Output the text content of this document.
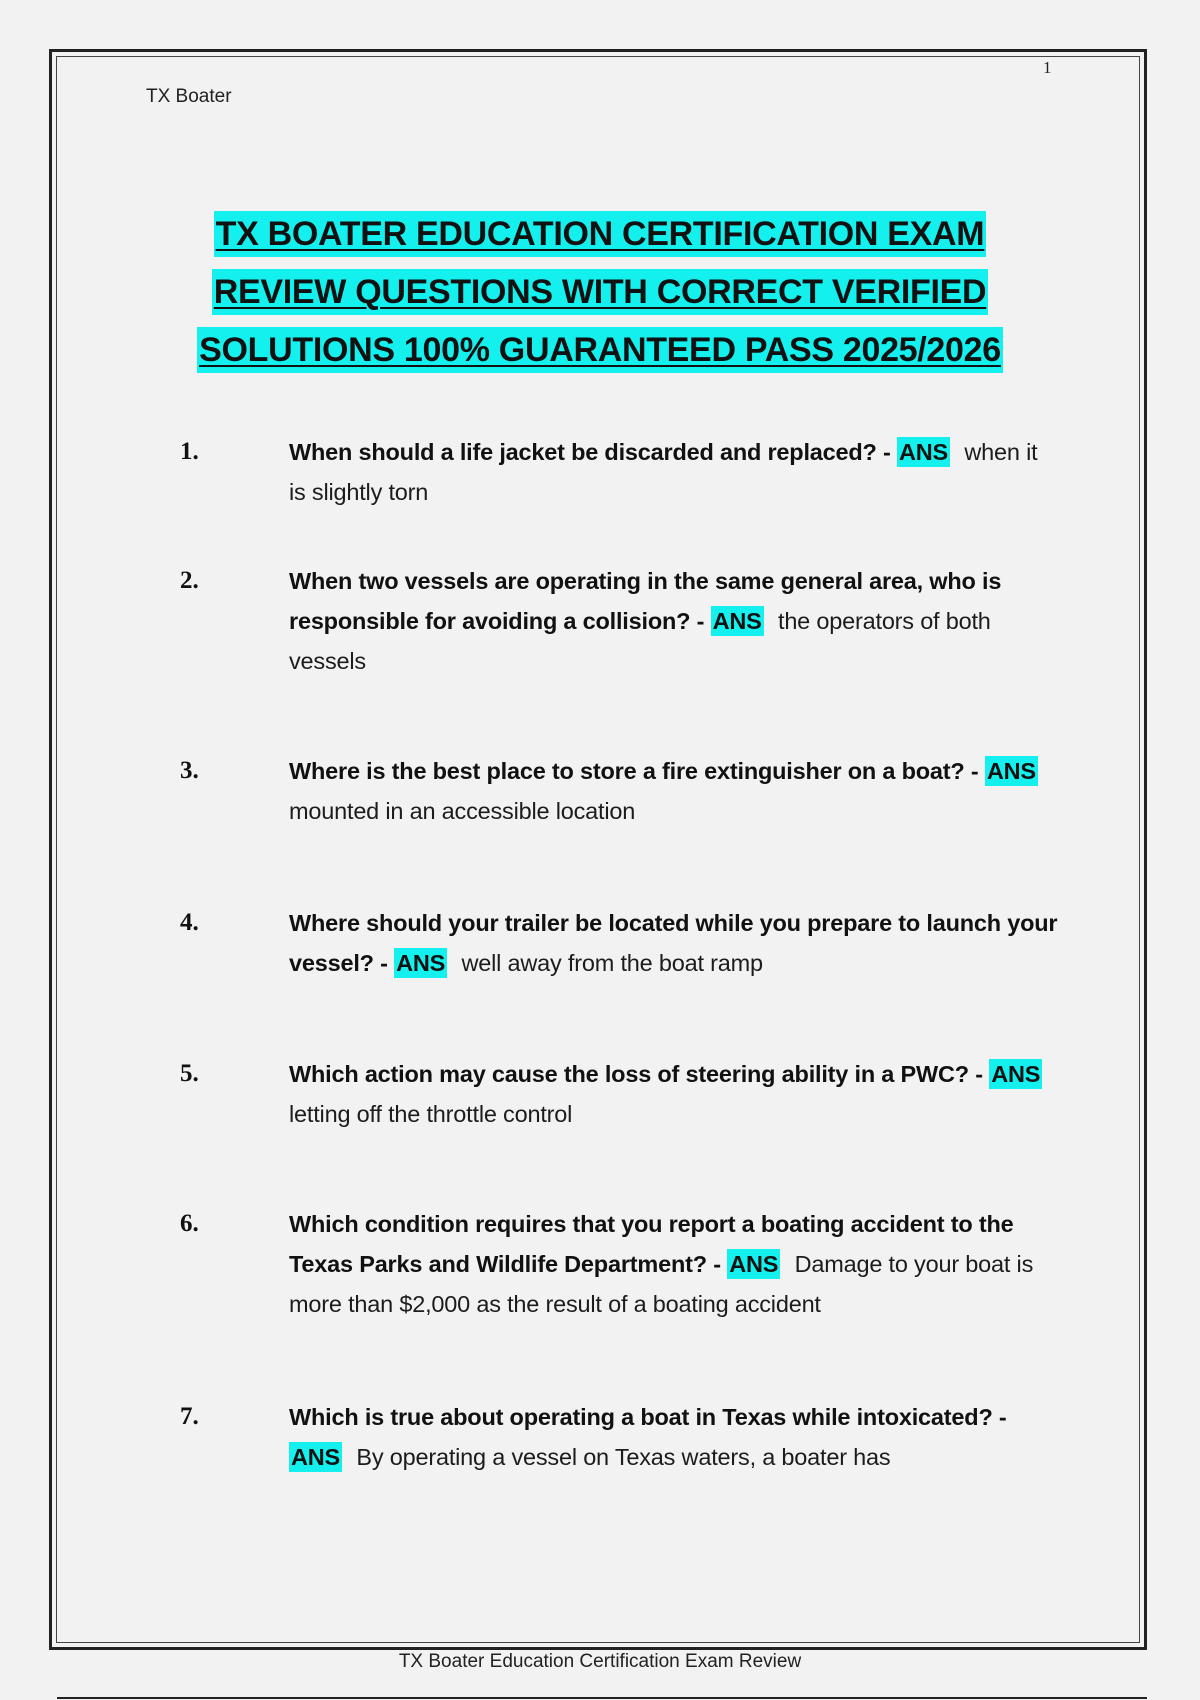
1
TX Boater
TX BOATER EDUCATION CERTIFICATION EXAM
REVIEW QUESTIONS WITH CORRECT VERIFIED
SOLUTIONS 100% GUARANTEED PASS 2025/2026
1.	When should a life jacket be discarded and replaced? - ANS when it is slightly torn
2.	When two vessels are operating in the same general area, who is responsible for avoiding a collision? - ANS the operators of both vessels
3.	Where is the best place to store a fire extinguisher on a boat? - ANS mounted in an accessible location
4.	Where should your trailer be located while you prepare to launch your vessel? - ANS well away from the boat ramp
5.	Which action may cause the loss of steering ability in a PWC? - ANS letting off the throttle control
6.	Which condition requires that you report a boating accident to the Texas Parks and Wildlife Department? - ANS Damage to your boat is more than $2,000 as the result of a boating accident
7.	Which is true about operating a boat in Texas while intoxicated? - ANS By operating a vessel on Texas waters, a boater has
TX Boater Education Certification Exam Review
